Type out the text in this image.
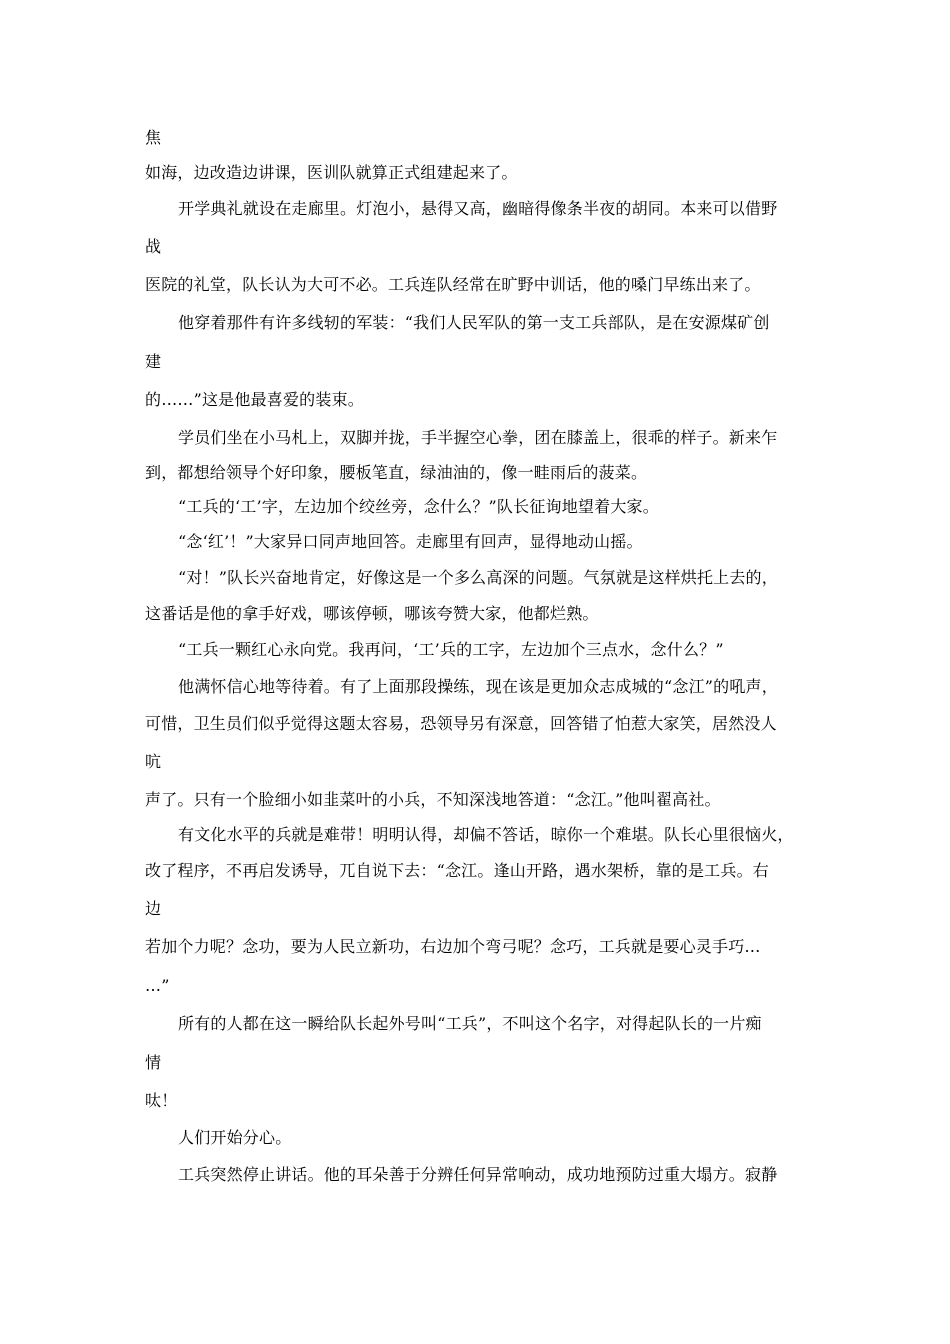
焦
如海，边改造边讲课，医训队就算正式组建起来了。
开学典礼就设在走廊里。灯泡小，悬得又高，幽暗得像条半夜的胡同。本来可以借野
战
医院的礼堂，队长认为大可不必。工兵连队经常在旷野中训话，他的嗓门早练出来了。
他穿着那件有许多线轫的军装：“我们人民军队的第一支工兵部队，是在安源煤矿创
建
的……”这是他最喜爱的装束。
学员们坐在小马札上，双脚并拢，手半握空心拳，团在膝盖上，很乖的样子。新来乍
到，都想给领导个好印象，腰板笔直，绿油油的，像一畦雨后的菠菜。
“工兵的‘工’字，左边加个绞丝旁，念什么？”队长征询地望着大家。
“念‘红’！”大家异口同声地回答。走廊里有回声，显得地动山摇。
“对！”队长兴奋地肯定，好像这是一个多么高深的问题。气氛就是这样烘托上去的，
这番话是他的拿手好戏，哪该停顿，哪该夸赞大家，他都烂熟。
“工兵一颗红心永向党。我再问，‘工’兵的工字，左边加个三点水，念什么？”
他满怀信心地等待着。有了上面那段操练，现在该是更加众志成城的“念江”的吼声，
可惜，卫生员们似乎觉得这题太容易，恐领导另有深意，回答错了怕惹大家笑，居然没人
吭
声了。只有一个脸细小如韭菜叶的小兵，不知深浅地答道：“念江。”他叫翟高社。
有文化水平的兵就是难带！明明认得，却偏不答话，晾你一个难堪。队长心里很恼火，
改了程序，不再启发诱导，兀自说下去：“念江。逢山开路，遇水架桥，靠的是工兵。右
边
若加个力呢？念功，要为人民立新功，右边加个弯弓呢？念巧，工兵就是要心灵手巧…
…”
所有的人都在这一瞬给队长起外号叫“工兵”，不叫这个名字，对得起队长的一片痴
情
呔！
人们开始分心。
工兵突然停止讲话。他的耳朵善于分辨任何异常响动，成功地预防过重大塌方。寂静
